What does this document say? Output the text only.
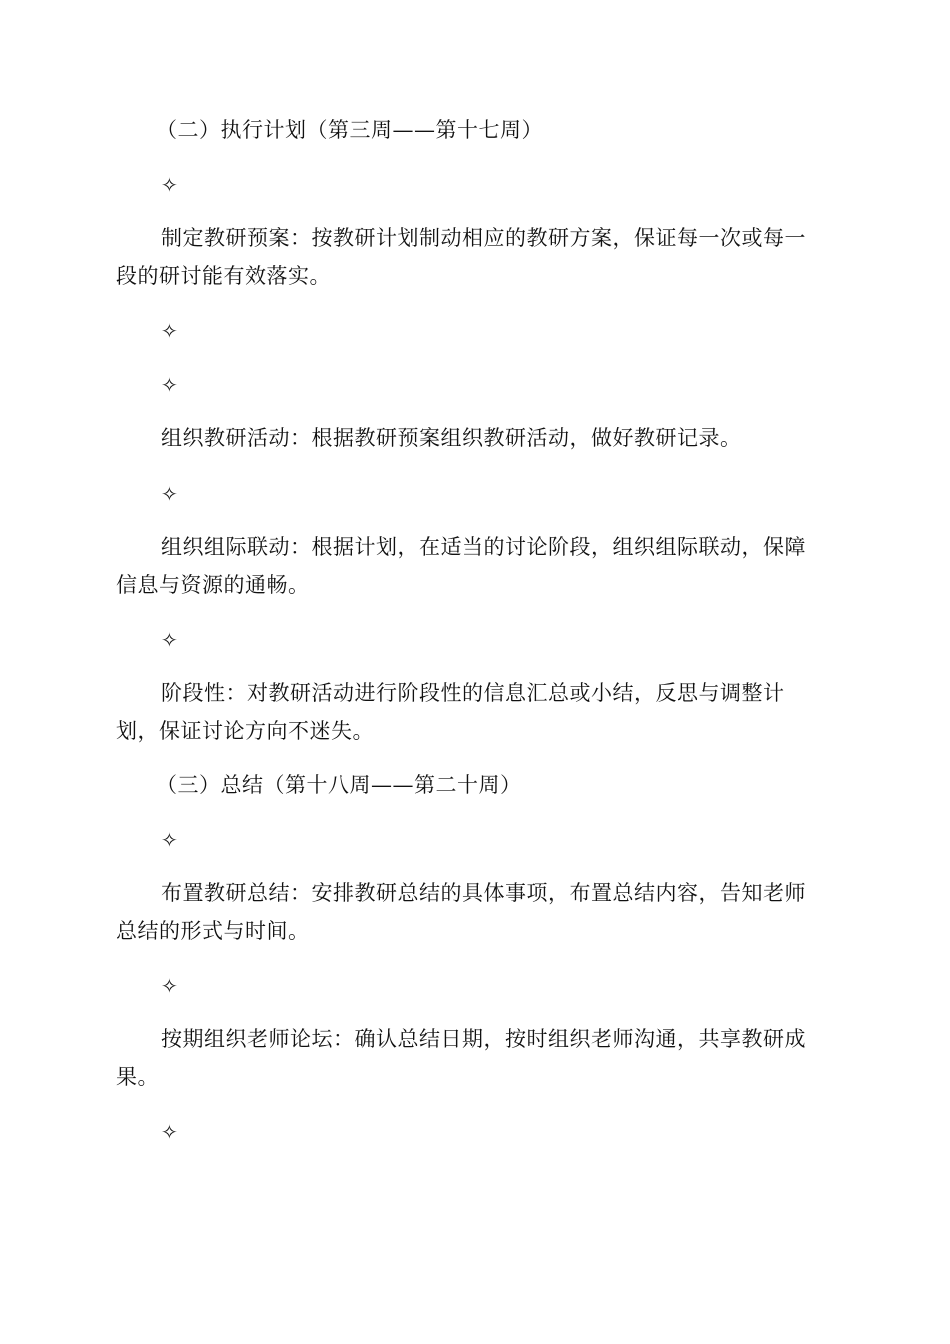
（二）执行计划（第三周——第十七周）
✧
制定教研预案：按教研计划制动相应的教研方案，保证每一次或每一
段的研讨能有效落实。
✧
✧
组织教研活动：根据教研预案组织教研活动，做好教研记录。
✧
组织组际联动：根据计划，在适当的讨论阶段，组织组际联动，保障
信息与资源的通畅。
✧
阶段性：对教研活动进行阶段性的信息汇总或小结，反思与调整计
划，保证讨论方向不迷失。
（三）总结（第十八周——第二十周）
✧
布置教研总结：安排教研总结的具体事项，布置总结内容，告知老师
总结的形式与时间。
✧
按期组织老师论坛：确认总结日期，按时组织老师沟通，共享教研成
果。
✧
